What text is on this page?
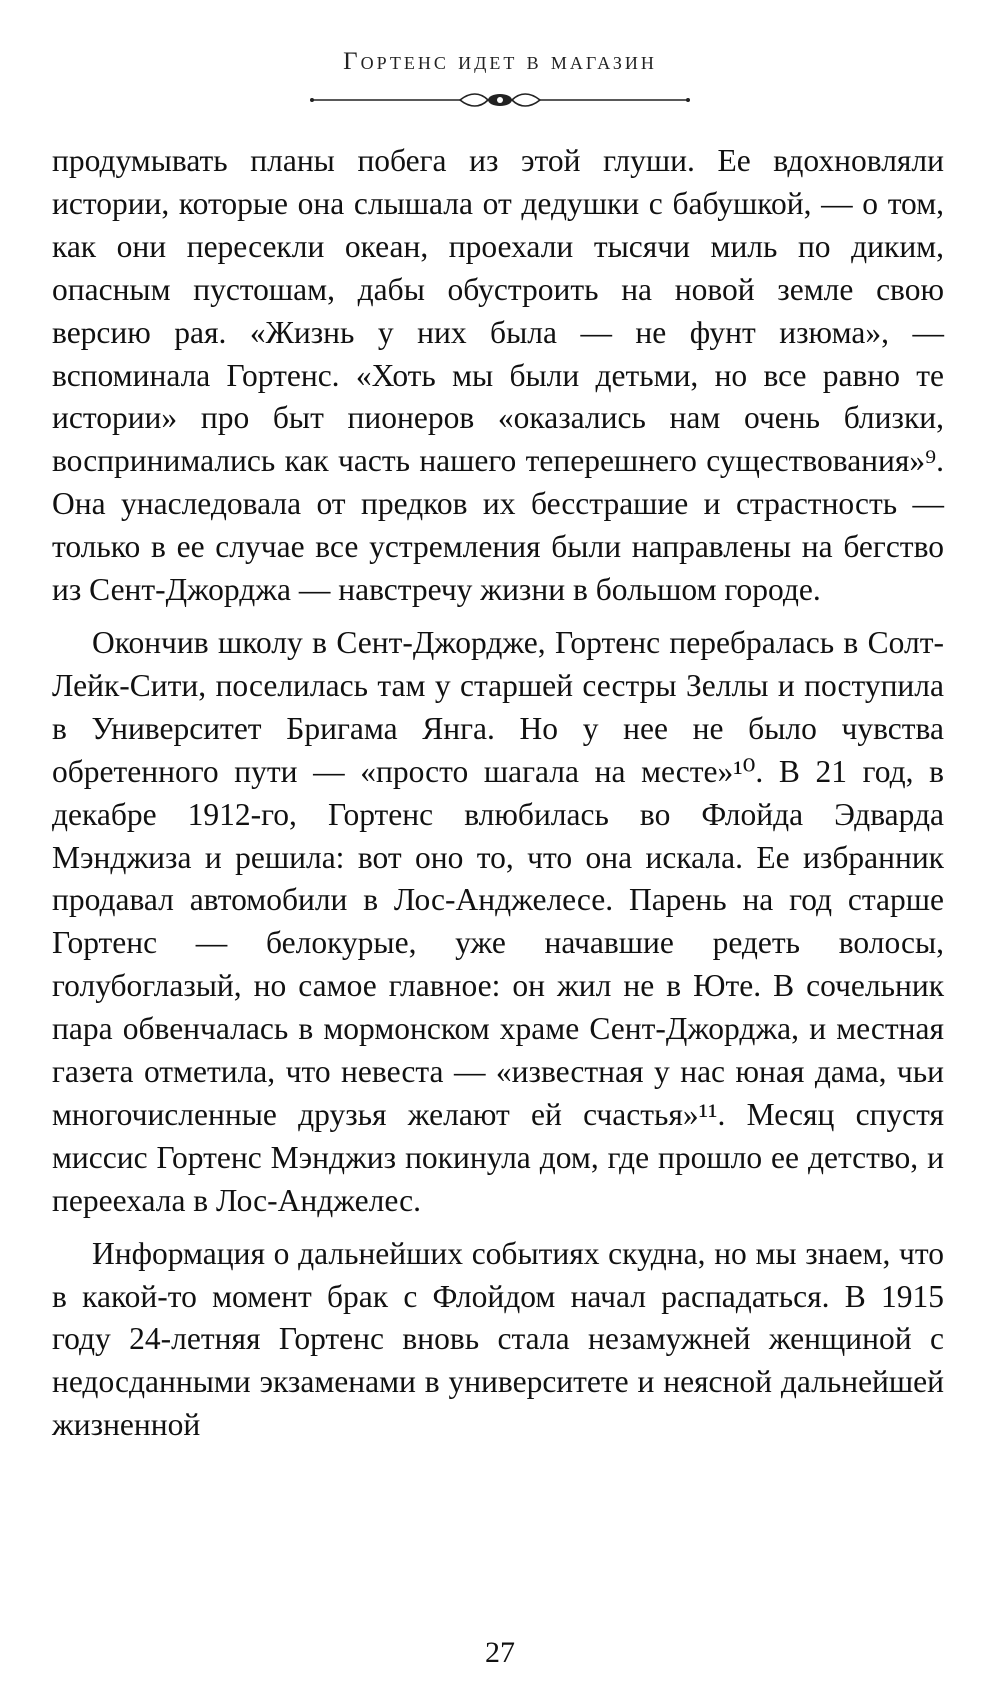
Гортенс идет в магазин

продумывать планы побега из этой глуши. Ее вдохновляли истории, которые она слышала от дедушки с бабушкой, — о том, как они пересекли океан, проехали тысячи миль по диким, опасным пустошам, дабы обустроить на новой земле свою версию рая. «Жизнь у них была — не фунт изюма», — вспоминала Гортенс. «Хоть мы были детьми, но все равно те истории» про быт пионеров «оказались нам очень близки, воспринимались как часть нашего теперешнего существования»⁹. Она унаследовала от предков их бесстрашие и страстность — только в ее случае все устремления были направлены на бегство из Сент-Джорджа — навстречу жизни в большом городе.

Окончив школу в Сент-Джордже, Гортенс перебралась в Солт-Лейк-Сити, поселилась там у старшей сестры Зеллы и поступила в Университет Бригама Янга. Но у нее не было чувства обретенного пути — «просто шагала на месте»¹⁰. В 21 год, в декабре 1912-го, Гортенс влюбилась во Флойда Эдварда Мэнджиза и решила: вот оно то, что она искала. Ее избранник продавал автомобили в Лос-Анджелесе. Парень на год старше Гортенс — белокурые, уже начавшие редеть волосы, голубоглазый, но самое главное: он жил не в Юте. В сочельник пара обвенчалась в мормонском храме Сент-Джорджа, и местная газета отметила, что невеста — «известная у нас юная дама, чьи многочисленные друзья желают ей счастья»¹¹. Месяц спустя миссис Гортенс Мэнджиз покинула дом, где прошло ее детство, и переехала в Лос-Анджелес.

Информация о дальнейших событиях скудна, но мы знаем, что в какой-то момент брак с Флойдом начал распадаться. В 1915 году 24-летняя Гортенс вновь стала незамужней женщиной с недосданными экзаменами в университете и неясной дальнейшей жизненной

27
